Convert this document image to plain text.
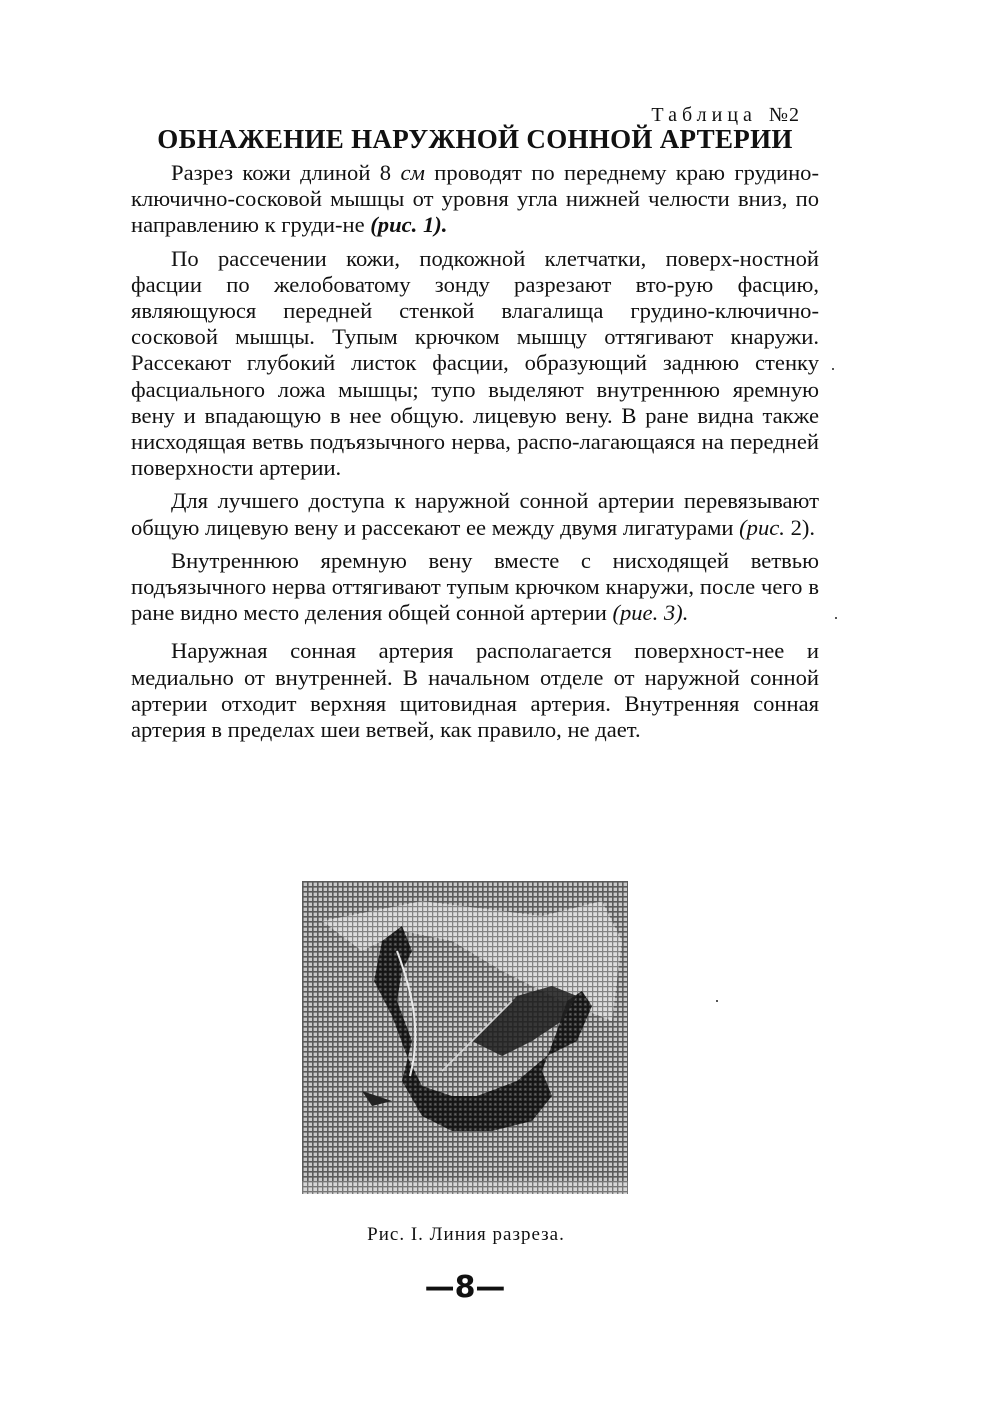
Таблица №2
ОБНАЖЕНИЕ НАРУЖНОЙ СОННОЙ АРТЕРИИ

Разрез кожи длиной 8 см проводят по переднему краю грудино-ключично-сосковой мышцы от уровня угла нижней челюсти вниз, по направлению к груди-не (рис. 1).

По рассечении кожи, подкожной клетчатки, поверх-ностной фасции по желобоватому зонду разрезают вто-рую фасцию, являющуюся передней стенкой влагалища грудино-ключично-сосковой мышцы. Тупым крючком мышцу оттягивают кнаружи. Рассекают глубокий листок фасции, образующий заднюю стенку фасциального ложа мышцы; тупо выделяют внутреннюю яремную вену и впадающую в нее общую. лицевую вену. В ране видна также нисходящая ветвь подъязычного нерва, распо-лагающаяся на передней поверхности артерии.

Для лучшего доступа к наружной сонной артерии перевязывают общую лицевую вену и рассекают ее между двумя лигатурами (рис. 2).

Внутреннюю яремную вену вместе с нисходящей ветвью подъязычного нерва оттягивают тупым крючком кнаружи, после чего в ране видно место деления общей сонной артерии (рие. 3).

Наружная сонная артерия располагается поверхност-нее и медиально от внутренней. В начальном отделе от наружной сонной артерии отходит верхняя щитовидная артерия. Внутренняя сонная артерия в пределах шеи ветвей, как правило, не дает.

Рис. I. Линия разреза.
—8—
